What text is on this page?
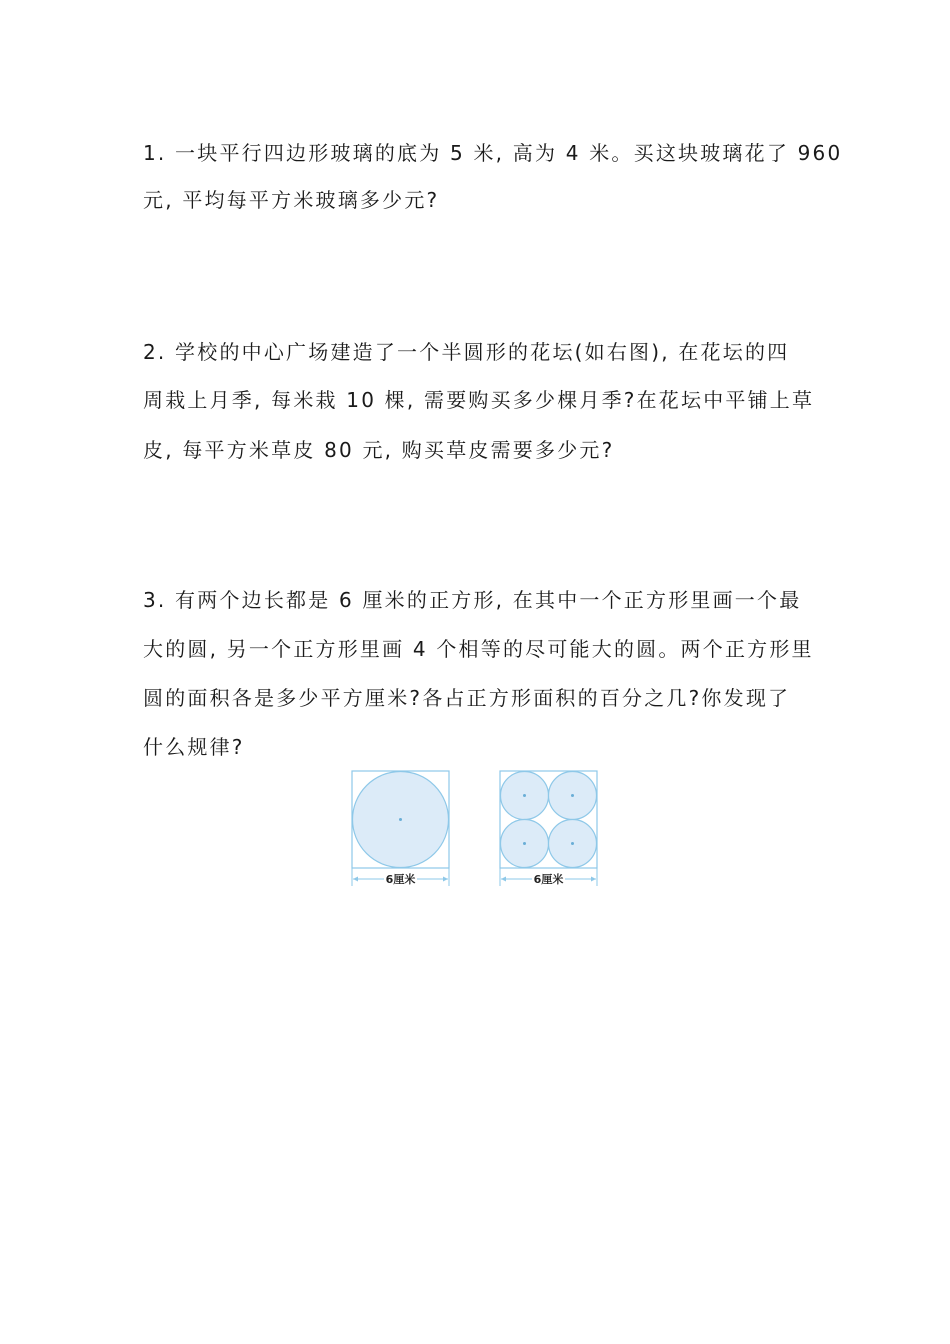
1. 一块平行四边形玻璃的底为 5 米, 高为 4 米。买这块玻璃花了 960
元, 平均每平方米玻璃多少元?
2. 学校的中心广场建造了一个半圆形的花坛(如右图), 在花坛的四
周栽上月季, 每米栽 10 棵, 需要购买多少棵月季?在花坛中平铺上草
皮, 每平方米草皮 80 元, 购买草皮需要多少元?
3. 有两个边长都是 6 厘米的正方形, 在其中一个正方形里画一个最
大的圆, 另一个正方形里画 4 个相等的尽可能大的圆。两个正方形里
圆的面积各是多少平方厘米?各占正方形面积的百分之几?你发现了
什么规律?
6厘米	6厘米
